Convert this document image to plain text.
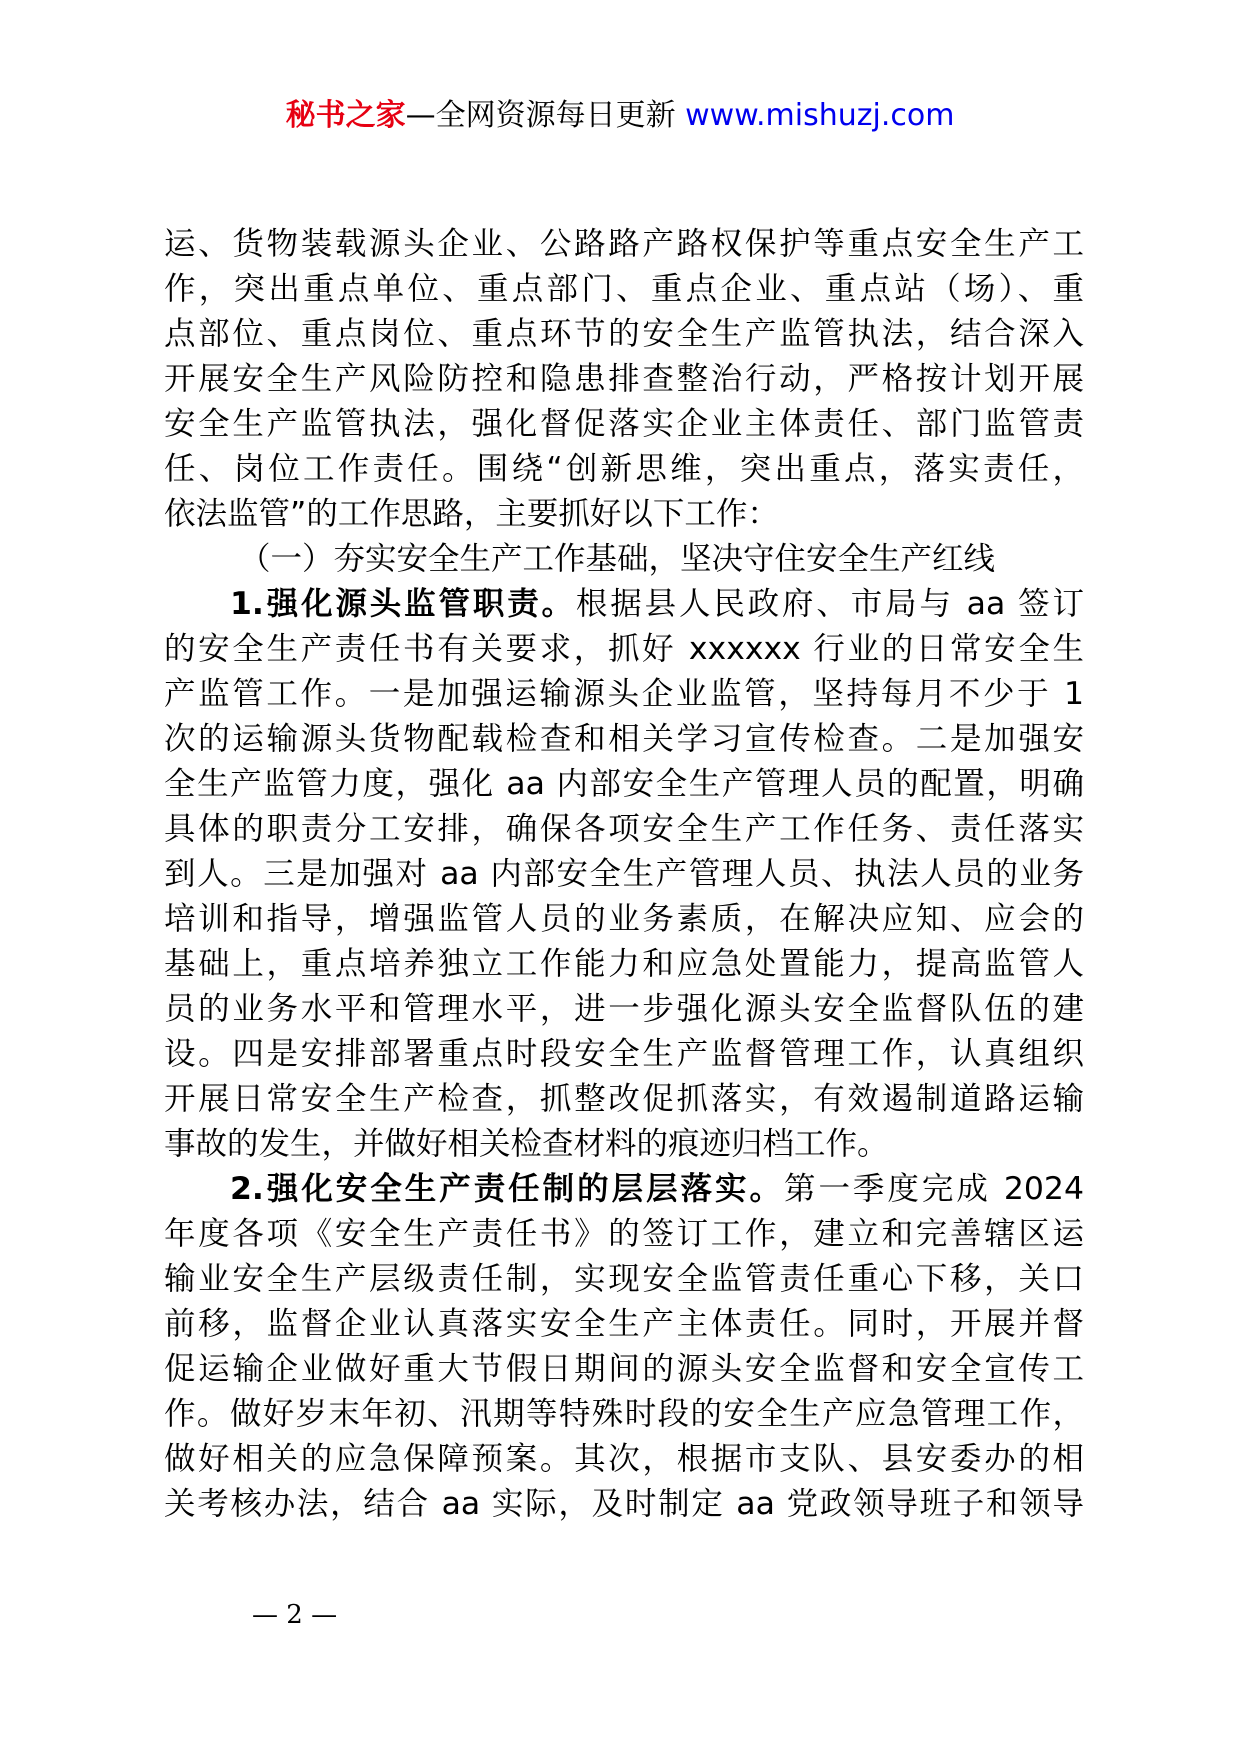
秘书之家—全网资源每日更新 www.mishuzj.com
运、货物装载源头企业、公路路产路权保护等重点安全生产工
作，突出重点单位、重点部门、重点企业、重点站（场）、重
点部位、重点岗位、重点环节的安全生产监管执法，结合深入
开展安全生产风险防控和隐患排查整治行动，严格按计划开展
安全生产监管执法，强化督促落实企业主体责任、部门监管责
任、岗位工作责任。围绕“创新思维，突出重点，落实责任，
依法监管”的工作思路，主要抓好以下工作：
（一）夯实安全生产工作基础，坚决守住安全生产红线
1.强化源头监管职责。根据县人民政府、市局与 aa 签订
的安全生产责任书有关要求，抓好 xxxxxx 行业的日常安全生
产监管工作。一是加强运输源头企业监管，坚持每月不少于 1
次的运输源头货物配载检查和相关学习宣传检查。二是加强安
全生产监管力度，强化 aa 内部安全生产管理人员的配置，明确
具体的职责分工安排，确保各项安全生产工作任务、责任落实
到人。三是加强对 aa 内部安全生产管理人员、执法人员的业务
培训和指导，增强监管人员的业务素质，在解决应知、应会的
基础上，重点培养独立工作能力和应急处置能力，提高监管人
员的业务水平和管理水平，进一步强化源头安全监督队伍的建
设。四是安排部署重点时段安全生产监督管理工作，认真组织
开展日常安全生产检查，抓整改促抓落实，有效遏制道路运输
事故的发生，并做好相关检查材料的痕迹归档工作。
2.强化安全生产责任制的层层落实。第一季度完成 2024
年度各项《安全生产责任书》的签订工作，建立和完善辖区运
输业安全生产层级责任制，实现安全监管责任重心下移，关口
前移，监督企业认真落实安全生产主体责任。同时，开展并督
促运输企业做好重大节假日期间的源头安全监督和安全宣传工
作。做好岁末年初、汛期等特殊时段的安全生产应急管理工作，
做好相关的应急保障预案。其次，根据市支队、县安委办的相
关考核办法，结合 aa 实际，及时制定 aa 党政领导班子和领导
— 2 —
